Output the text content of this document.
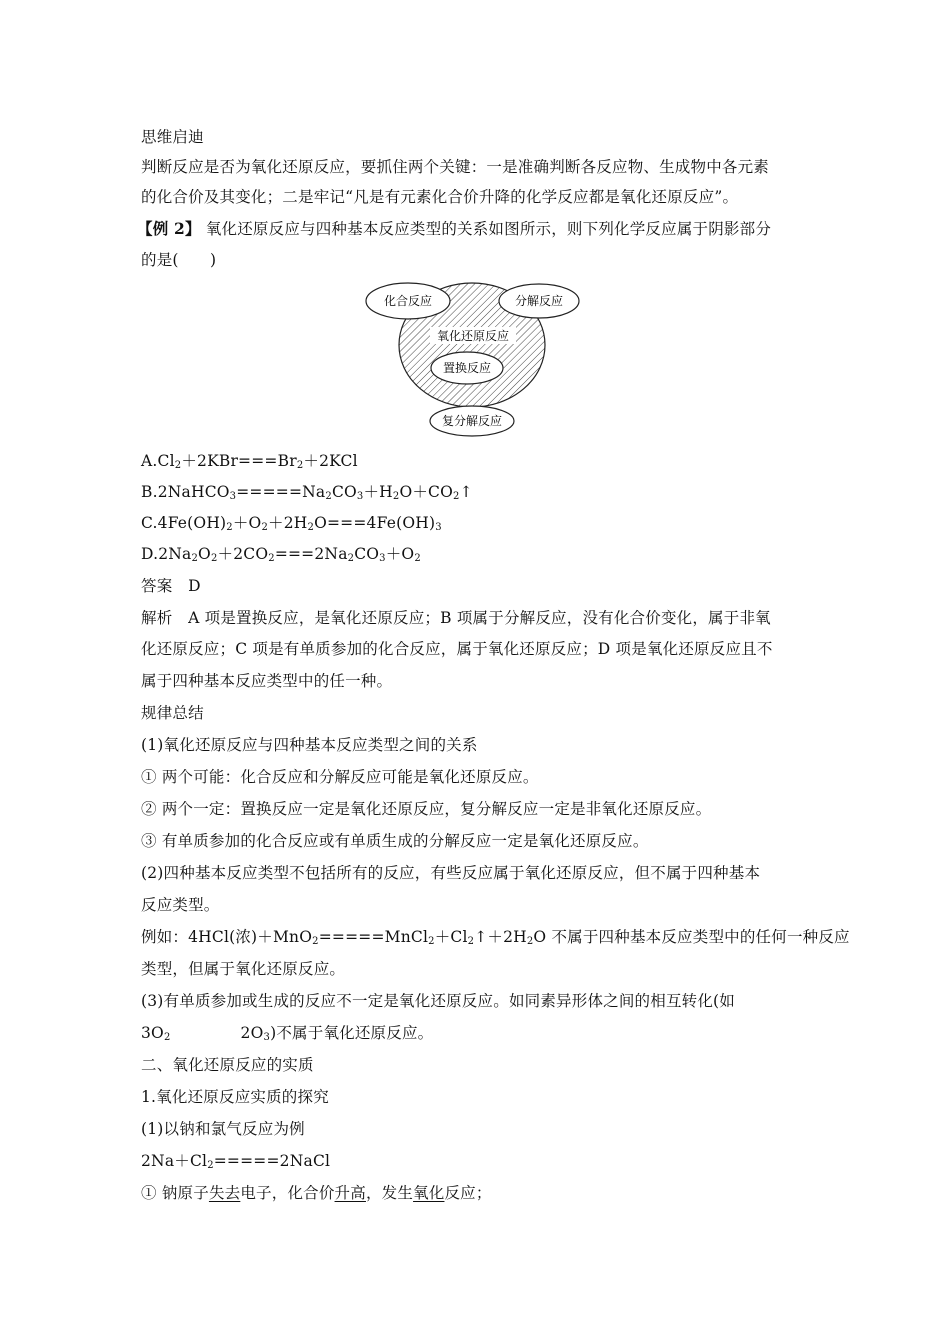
思维启迪
判断反应是否为氧化还原反应，要抓住两个关键：一是准确判断各反应物、生成物中各元素
的化合价及其变化；二是牢记“凡是有元素化合价升降的化学反应都是氧化还原反应”。
【例 2】 氧化还原反应与四种基本反应类型的关系如图所示，则下列化学反应属于阴影部分
的是(　　)
化合反应	分解反应
氧化还原反应
置换反应
复分解反应
$A.Cl_2+2KBr===Br_2+2KCl$
$B.2NaHCO_3=====Na_2CO_3+H_2O+CO_2↑$
$C.4Fe(OH)_2+O_2+2H_2O===4Fe(OH)_3$
$D.2Na_2O_2+2CO_2===2Na_2CO_3+O_2$
答案　D
解析　A 项是置换反应，是氧化还原反应；B 项属于分解反应，没有化合价变化，属于非氧
化还原反应；C 项是有单质参加的化合反应，属于氧化还原反应；D 项是氧化还原反应且不
属于四种基本反应类型中的任一种。
规律总结
(1)氧化还原反应与四种基本反应类型之间的关系
① 两个可能：化合反应和分解反应可能是氧化还原反应。
② 两个一定：置换反应一定是氧化还原反应，复分解反应一定是非氧化还原反应。
③ 有单质参加的化合反应或有单质生成的分解反应一定是氧化还原反应。
(2)四种基本反应类型不包括所有的反应，有些反应属于氧化还原反应，但不属于四种基本
反应类型。
例如：4HCl(浓)$+MnO_2=====MnCl_2+Cl_2↑+2H_2O$ 不属于四种基本反应类型中的任何一种反应
类型，但属于氧化还原反应。
(3)有单质参加或生成的反应不一定是氧化还原反应。如同素异形体之间的相互转化(如
$3O_2$	$2O_3$)不属于氧化还原反应。
二、氧化还原反应的实质
1.氧化还原反应实质的探究
(1)以钠和氯气反应为例
$2Na+Cl_2=====2NaCl$
① 钠原子失去电子，化合价升高，发生氧化反应；
